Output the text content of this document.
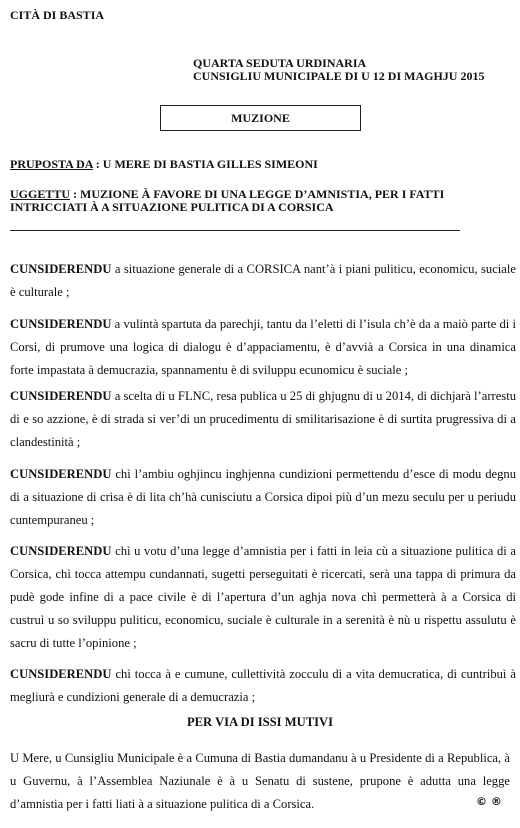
CITÀ DI BASTIA
QUARTA SEDUTA URDINARIA
CUNSIGLIU MUNICIPALE DI U 12 DI MAGHJU 2015
MUZIONE
PRUPOSTA DA : U MERE DI BASTIA GILLES SIMEONI
UGGETTU : MUZIONE À FAVORE DI UNA LEGGE D’AMNISTIA, PER I FATTI
INTRICCIATI À A SITUAZIONE PULITICA DI A CORSICA
CUNSIDERENDU a situazione generale di a CORSICA nant’à i piani puliticu, economicu, suciale è culturale ;
CUNSIDERENDU a vulintà spartuta da parechji, tantu da l’eletti di l’isula ch’è da a maiò parte di i Corsi, di prumove una logica di dialogu è d’appaciamentu, è d’avvià a Corsica in una dinamica forte impastata à demucrazia, spannamentu è di sviluppu ecunomicu è suciale ;
CUNSIDERENDU a scelta di u FLNC, resa publica u 25 di ghjugnu di u 2014, di dichjarà l’arrestu di e so azzione, è di strada si ver’di un prucedimentu di smilitarisazione è di surtita prugressiva di a clandestinità ;
CUNSIDERENDU chì l’ambiu oghjincu inghjenna cundizioni permettendu d’esce di modu degnu di a situazione di crisa è di lita ch’hà cunisciutu a Corsica dipoi più d’un mezu seculu per u periudu cuntempuraneu ;
CUNSIDERENDU chì u votu d’una legge d’amnistia per i fatti in leia cù a situazione pulitica di a Corsica, chì tocca attempu cundannati, sugetti perseguitati è ricercati, serà una tappa di primura da pudè gode infine di a pace civile è di l’apertura d’un aghja nova chì permetterà à a Corsica di custruì u so sviluppu puliticu, economicu, suciale è culturale in a serenità è nù u rispettu assulutu è sacru di tutte l’opinione ;
CUNSIDERENDU chì tocca à e cumune, cullettività zocculu di a vita demucratica, di cuntribuì à megliurà e cundizioni generale di a demucrazia ;
PER VIA DI ISSI MUTIVI
U Mere, u Cunsigliu Municipale è a Cumuna di Bastia dumandanu à u Presidente di a Republica, à u Guvernu, à l’Assemblea Naziunale è à u Senatu di sustene, prupone è adutta una legge d’amnistia per i fatti liati à a situazione pulitica di a Corsica.	© ®
